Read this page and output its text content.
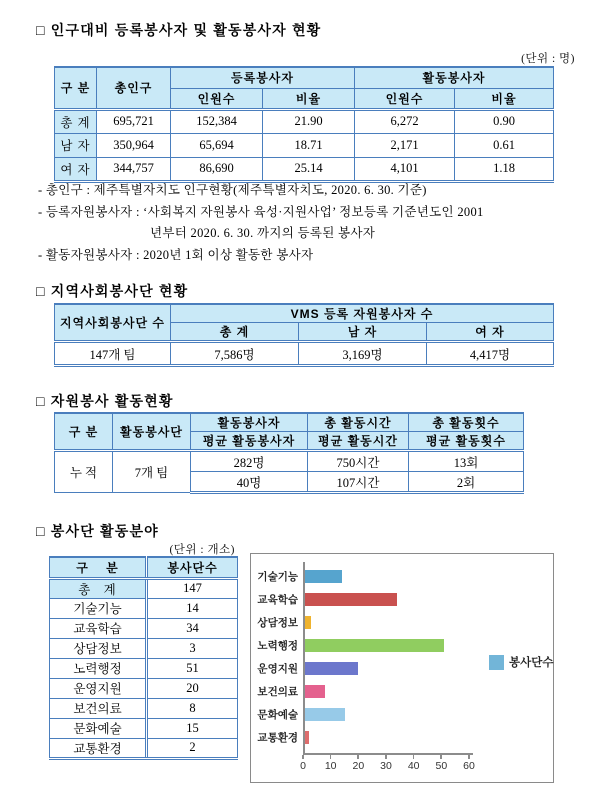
□ 인구대비 등록봉사자 및 활동봉사자 현황
(단위 : 명)
구 분	총인구	등록봉사자		활동봉사자	
		인원수	비율	인원수	비율
총 계	695,721	152,384	21.90	6,272	0.90
남 자	350,964	65,694	18.71	2,171	0.61
여 자	344,757	86,690	25.14	4,101	1.18
- 총인구 : 제주특별자치도 인구현황(제주특별자치도, 2020. 6. 30. 기준)
- 등록자원봉사자 : ‘사회복지 자원봉사 육성·지원사업’ 정보등록 기준년도인 2001
년부터 2020. 6. 30. 까지의 등록된 봉사자
- 활동자원봉사자 : 2020년 1회 이상 활동한 봉사자
□ 지역사회봉사단 현황
지역사회봉사단 수	VMS 등록 자원봉사자 수		
	총 계	남 자	여 자
147개 팀	7,586명	3,169명	4,417명
□ 자원봉사 활동현황
구 분	활동봉사단	활동봉사자	총 활동시간	총 활동횟수
		평균 활동봉사자	평균 활동시간	평균 활동횟수
누 적	7개 팀	282명	750시간	13회
		40명	107시간	2회
□ 봉사단 활동분야
(단위 : 개소)
구    분	봉사단수
총   계	147
기술기능	14
교육학습	34
상담정보	3
노력행정	51
운영지원	20
보건의료	8
문화예술	15
교통환경	2
기술기능
교육학습
상담정보
노력행정
운영지원
보건의료
문화예술
교통환경
0	10	20	30	40	50	60
봉사단수
